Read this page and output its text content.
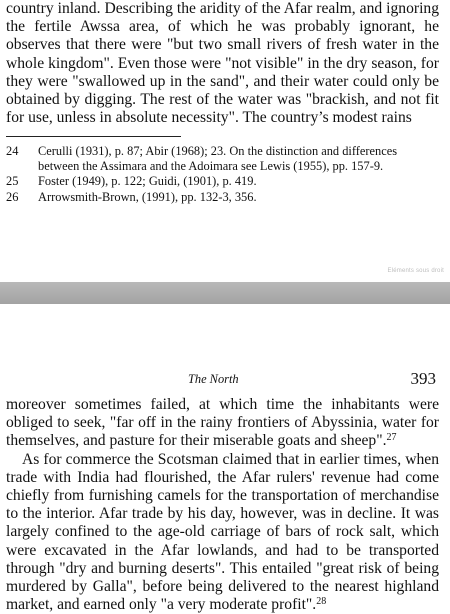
country inland. Describing the aridity of the Afar realm, and ignoring the fertile Awssa area, of which he was probably ignorant, he observes that there were "but two small rivers of fresh water in the whole kingdom". Even those were "not visible" in the dry season, for they were "swallowed up in the sand", and their water could only be obtained by digging. The rest of the water was "brackish, and not fit for use, unless in absolute necessity". The country’s modest rains

24	Cerulli (1931), p. 87; Abir (1968); 23. On the distinction and differences between the Assimara and the Adoimara see Lewis (1955), pp. 157-9.

25	Foster (1949), p. 122; Guidi, (1901), p. 419.

26	Arrowsmith-Brown, (1991), pp. 132-3, 356.

Eléments sous droit
The North	393
moreover sometimes failed, at which time the inhabitants were obliged to seek, "far off in the rainy frontiers of Abyssinia, water for themselves, and pasture for their miserable goats and sheep".$^{27}$
As for commerce the Scotsman claimed that in earlier times, when trade with India had flourished, the Afar rulers' revenue had come chiefly from furnishing camels for the transportation of merchandise to the interior. Afar trade by his day, however, was in decline. It was largely confined to the age-old carriage of bars of rock salt, which were excavated in the Afar lowlands, and had to be transported through "dry and burning deserts". This entailed "great risk of being murdered by Galla", before being delivered to the nearest highland market, and earned only "a very moderate profit".$^{28}$
